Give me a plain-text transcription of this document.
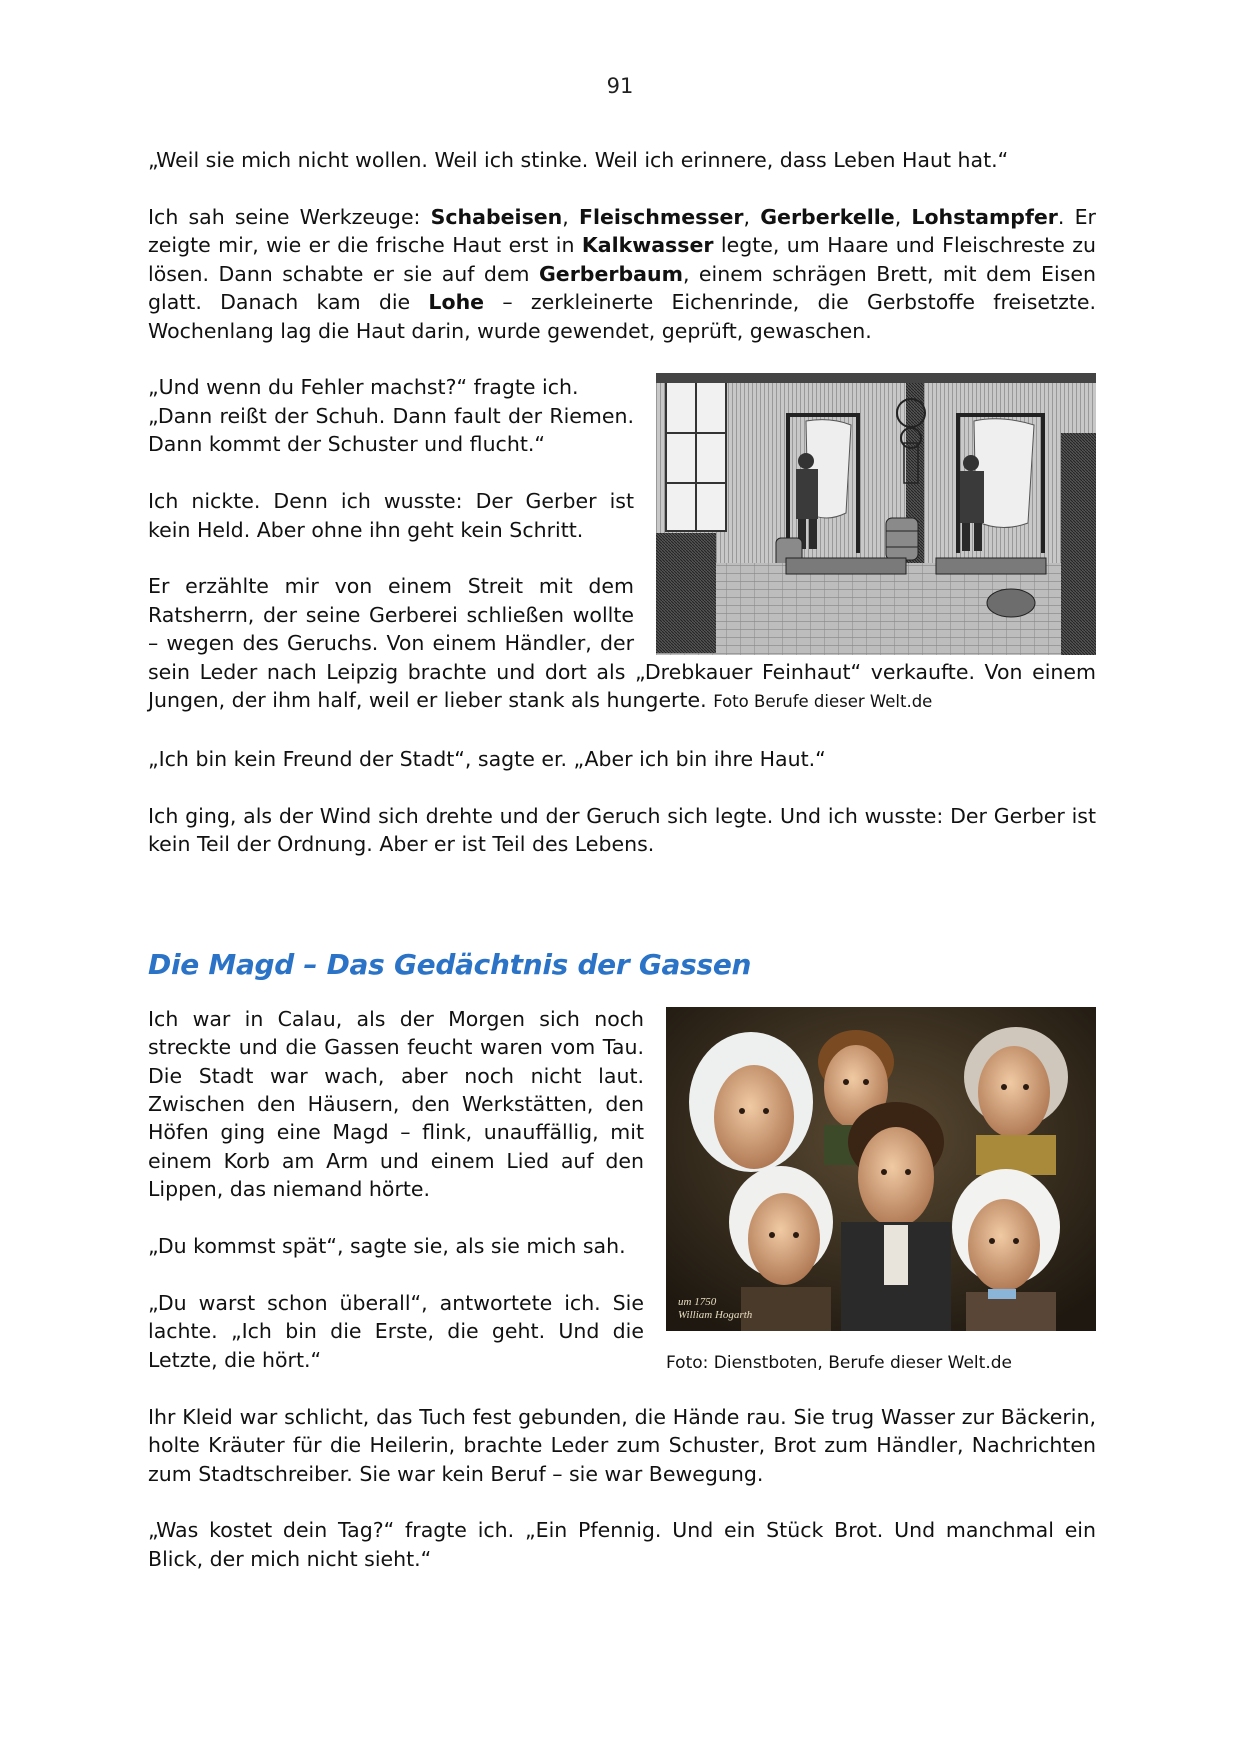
91

„Weil sie mich nicht wollen. Weil ich stinke. Weil ich erinnere, dass Leben Haut hat.“

Ich sah seine Werkzeuge: Schabeisen, Fleischmesser, Gerberkelle, Lohstampfer. Er zeigte mir, wie er die frische Haut erst in Kalkwasser legte, um Haare und Fleischreste zu lösen. Dann schabte er sie auf dem Gerberbaum, einem schrägen Brett, mit dem Eisen glatt. Danach kam die Lohe – zerkleinerte Eichenrinde, die Gerbstoffe freisetzte. Wochenlang lag die Haut darin, wurde gewendet, geprüft, gewaschen.

„Und wenn du Fehler machst?“ fragte ich.

„Dann reißt der Schuh. Dann fault der Riemen. Dann kommt der Schuster und flucht.“

Ich nickte. Denn ich wusste: Der Gerber ist kein Held. Aber ohne ihn geht kein Schritt.

Er erzählte mir von einem Streit mit dem Ratsherrn, der seine Gerberei schließen wollte – wegen des Geruchs. Von einem Händler, der sein Leder nach Leipzig brachte und dort als „Drebkauer Feinhaut“ verkaufte. Von einem Jungen, der ihm half, weil er lieber stank als hungerte. Foto Berufe dieser Welt.de

„Ich bin kein Freund der Stadt“, sagte er. „Aber ich bin ihre Haut.“

Ich ging, als der Wind sich drehte und der Geruch sich legte. Und ich wusste: Der Gerber ist kein Teil der Ordnung. Aber er ist Teil des Lebens.

Die Magd – Das Gedächtnis der Gassen
um 1750
William Hogarth
Foto: Dienstboten, Berufe dieser Welt.de

Ich war in Calau, als der Morgen sich noch streckte und die Gassen feucht waren vom Tau. Die Stadt war wach, aber noch nicht laut. Zwischen den Häusern, den Werkstätten, den Höfen ging eine Magd – flink, unauffällig, mit einem Korb am Arm und einem Lied auf den Lippen, das niemand hörte.

„Du kommst spät“, sagte sie, als sie mich sah.

„Du warst schon überall“, antwortete ich. Sie lachte. „Ich bin die Erste, die geht. Und die Letzte, die hört.“

Ihr Kleid war schlicht, das Tuch fest gebunden, die Hände rau. Sie trug Wasser zur Bäckerin, holte Kräuter für die Heilerin, brachte Leder zum Schuster, Brot zum Händler, Nachrichten zum Stadtschreiber. Sie war kein Beruf – sie war Bewegung.

„Was kostet dein Tag?“ fragte ich. „Ein Pfennig. Und ein Stück Brot. Und manchmal ein Blick, der mich nicht sieht.“
